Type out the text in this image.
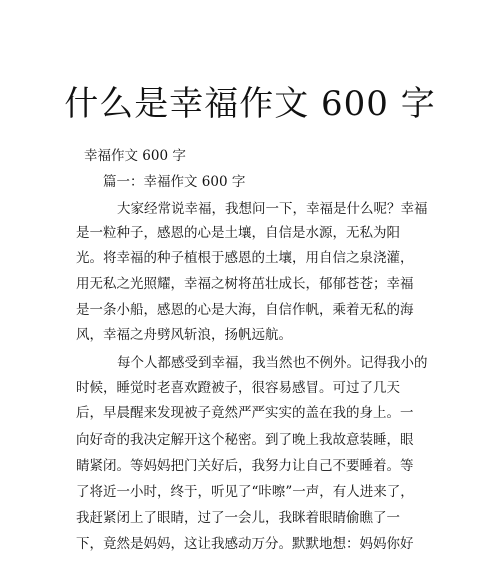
什么是幸福作文 600 字
幸福作文 600 字
篇一：幸福作文 600 字
大家经常说幸福，我想问一下，幸福是什么呢？幸福
是一粒种子，感恩的心是土壤，自信是水源，无私为阳
光。将幸福的种子植根于感恩的土壤，用自信之泉浇灌，
用无私之光照耀，幸福之树将茁壮成长，郁郁苍苍；幸福
是一条小船，感恩的心是大海，自信作帆，乘着无私的海
风，幸福之舟劈风斩浪，扬帆远航。
每个人都感受到幸福，我当然也不例外。记得我小的
时候，睡觉时老喜欢蹬被子，很容易感冒。可过了几天
后，早晨醒来发现被子竟然严严实实的盖在我的身上。一
向好奇的我决定解开这个秘密。到了晚上我故意装睡，眼
睛紧闭。等妈妈把门关好后，我努力让自己不要睡着。等
了将近一小时，终于，听见了“咔嚓”一声，有人进来了，
我赶紧闭上了眼睛，过了一会儿，我眯着眼睛偷瞧了一
下，竟然是妈妈，这让我感动万分。默默地想：妈妈你好
